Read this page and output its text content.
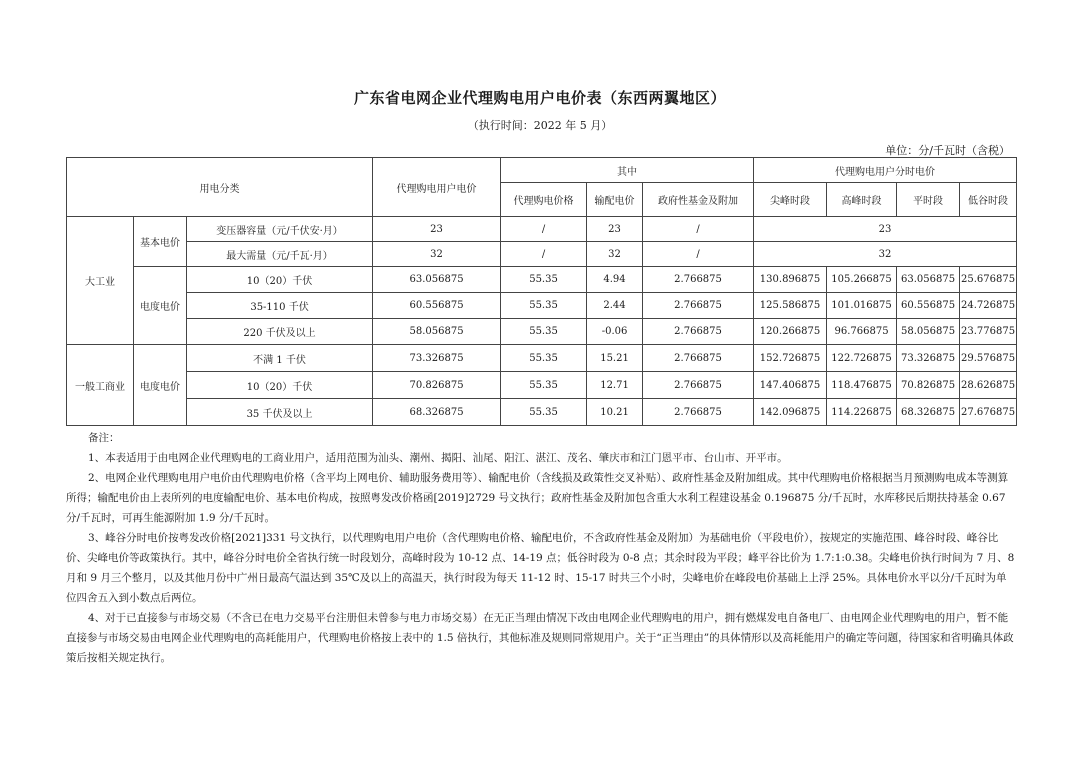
广东省电网企业代理购电用户电价表（东西两翼地区）
（执行时间：2022 年 5 月）
单位：分/千瓦时（含税）
用电分类			代理购电用户电价	其中			代理购电用户分时电价			
				代理购电价格	输配电价	政府性基金及附加	尖峰时段	高峰时段	平时段	低谷时段
大工业	基本电价	变压器容量（元/千伏安·月）	23	/	23	/	23			
		最大需量（元/千瓦·月）	32	/	32	/	32			
	电度电价	10（20）千伏	63.056875	55.35	4.94	2.766875	130.896875	105.266875	63.056875	25.676875
		35-110 千伏	60.556875	55.35	2.44	2.766875	125.586875	101.016875	60.556875	24.726875
		220 千伏及以上	58.056875	55.35	-0.06	2.766875	120.266875	96.766875	58.056875	23.776875
一般工商业	电度电价	不满 1 千伏	73.326875	55.35	15.21	2.766875	152.726875	122.726875	73.326875	29.576875
		10（20）千伏	70.826875	55.35	12.71	2.766875	147.406875	118.476875	70.826875	28.626875
		35 千伏及以上	68.326875	55.35	10.21	2.766875	142.096875	114.226875	68.326875	27.676875

备注：

1、本表适用于由电网企业代理购电的工商业用户，适用范围为汕头、潮州、揭阳、汕尾、阳江、湛江、茂名、肇庆市和江门恩平市、台山市、开平市。

2、电网企业代理购电用户电价由代理购电价格（含平均上网电价、辅助服务费用等）、输配电价（含线损及政策性交叉补贴）、政府性基金及附加组成。其中代理购电价格根据当月预测购电成本等测算所得；输配电价由上表所列的电度输配电价、基本电价构成，按照粤发改价格函[2019]2729 号文执行；政府性基金及附加包含重大水利工程建设基金 0.196875 分/千瓦时，水库移民后期扶持基金 0.67 分/千瓦时，可再生能源附加 1.9 分/千瓦时。

3、峰谷分时电价按粤发改价格[2021]331 号文执行，以代理购电用户电价（含代理购电价格、输配电价，不含政府性基金及附加）为基础电价（平段电价），按规定的实施范围、峰谷时段、峰谷比价、尖峰电价等政策执行。其中，峰谷分时电价全省执行统一时段划分，高峰时段为 10-12 点、14-19 点；低谷时段为 0-8 点；其余时段为平段；峰平谷比价为 1.7:1:0.38。尖峰电价执行时间为 7 月、8 月和 9 月三个整月，以及其他月份中广州日最高气温达到 35℃及以上的高温天，执行时段为每天 11-12 时、15-17 时共三个小时，尖峰电价在峰段电价基础上上浮 25%。具体电价水平以分/千瓦时为单位四舍五入到小数点后两位。

4、对于已直接参与市场交易（不含已在电力交易平台注册但未曾参与电力市场交易）在无正当理由情况下改由电网企业代理购电的用户，拥有燃煤发电自备电厂、由电网企业代理购电的用户，暂不能直接参与市场交易由电网企业代理购电的高耗能用户，代理购电价格按上表中的 1.5 倍执行，其他标准及规则同常规用户。关于“正当理由”的具体情形以及高耗能用户的确定等问题，待国家和省明确具体政策后按相关规定执行。
